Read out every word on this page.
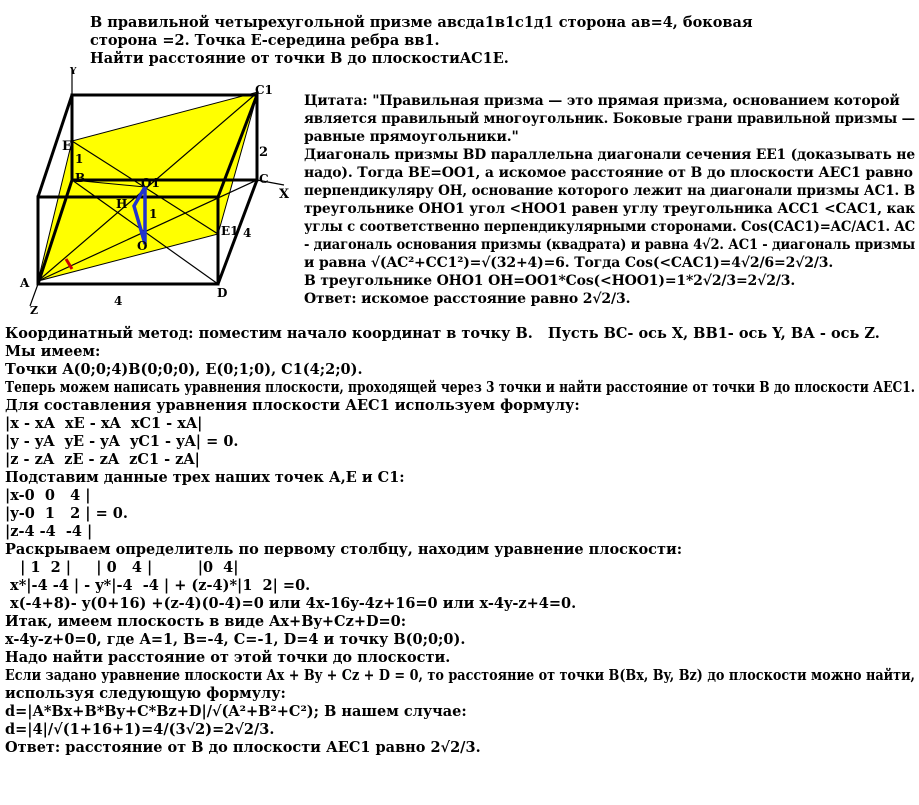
В правильной четырехугольной призме авсда1в1с1д1 сторона ав=4, боковая
сторона =2. Точка Е-середина ребра вв1.
Найти расстояние от точки В до плоскостиAC1E.
Y
E
1
B	O1	C
X
H
1
O
C1
2
E1 4
A
Z
4
D
Цитата: "Правильная призма — это прямая призма, основанием которой
является правильный многоугольник. Боковые грани правильной призмы —
равные прямоугольники."
Диагональ призмы BD параллельна диагонали сечения ЕЕ1 (доказывать не
надо). Тогда ВЕ=ОО1, а искомое расстояние от В до плоскости АЕС1 равно
перпендикуляру ОН, основание которого лежит на диагонали призмы АС1. В
треугольнике ОНО1 угол <НОО1 равен углу треугольника АСС1 <CAC1, как
углы с соответственно перпендикулярными сторонами. Cos(CAC1)=AC/AC1. AC
- диагональ основания призмы (квадрата) и равна 4√2. АС1 - диагональ призмы
и равна √(AC²+CC1²)=√(32+4)=6. Тогда Cos(<CAC1)=4√2/6=2√2/3.
В треугольнике ОНО1 ОН=ОО1*Cos(<HOO1)=1*2√2/3=2√2/3.
Ответ: искомое расстояние равно 2√2/3.
Координатный метод: поместим начало координат в точку В.   Пусть ВС- ось Х, ВВ1- ось Y, ВА - ось Z.
Мы имеем:
Точки A(0;0;4)B(0;0;0), E(0;1;0), C1(4;2;0).
Теперь можем написать уравнения плоскости, проходящей через 3 точки и найти расстояние от точки В до плоскости АЕС1.
Для составления уравнения плоскости АЕС1 используем формулу:
|x - xA  xE - xA  xC1 - xA|
|y - yA  yE - yA  yC1 - yA| = 0.
|z - zA  zE - zA  zC1 - zA|
Подставим данные трех наших точек А,Е и С1:
|x-0  0   4 |
|y-0  1   2 | = 0.
|z-4 -4  -4 |
Раскрываем определитель по первому столбцу, находим уравнение плоскости:
| 1  2 |     | 0   4 |         |0  4|
x*|-4 -4 | - y*|-4  -4 | + (z-4)*|1  2| =0.
x(-4+8)- y(0+16) +(z-4)(0-4)=0 или 4x-16y-4z+16=0 или x-4y-z+4=0.
Итак, имеем плоскость в виде Ax+By+Cz+D=0:
x-4y-z+0=0, где A=1, B=-4, C=-1, D=4 и точку В(0;0;0).
Надо найти расстояние от этой точки до плоскости.
Если задано уравнение плоскости Ax + By + Cz + D = 0, то расстояние от точки B(Bx, By, Bz) до плоскости можно найти,
используя следующую формулу:
d=|A*Bx+B*By+C*Bz+D|/√(A²+B²+C²); В нашем случае:
d=|4|/√(1+16+1)=4/(3√2)=2√2/3.
Ответ: расстояние от В до плоскости АЕС1 равно 2√2/3.
